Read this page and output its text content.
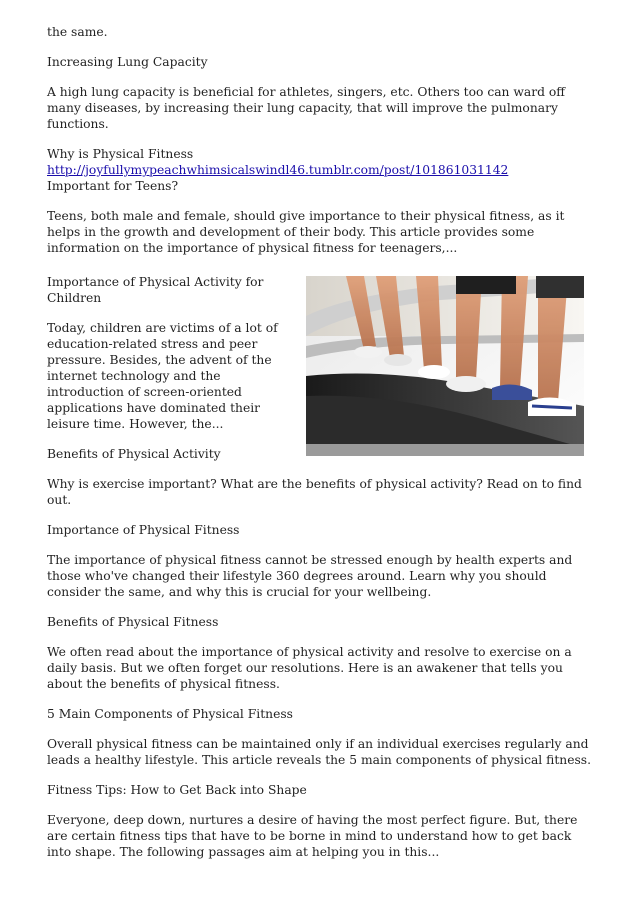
the same.

Increasing Lung Capacity

A high lung capacity is beneficial for athletes, singers, etc. Others too can ward off many diseases, by increasing their lung capacity, that will improve the pulmonary functions.

Why is Physical Fitness http://joyfullymypeachwhimsicalswindl46.tumblr.com/post/101861031142
Important for Teens?

Teens, both male and female, should give importance to their physical fitness, as it helps in the growth and development of their body. This article provides some information on the importance of physical fitness for teenagers,...

Importance of Physical Activity for Children

Today, children are victims of a lot of education-related stress and peer pressure. Besides, the advent of the internet technology and the introduction of screen-oriented applications have dominated their leisure time. However, the...

Benefits of Physical Activity

Why is exercise important? What are the benefits of physical activity? Read on to find out.

Importance of Physical Fitness

The importance of physical fitness cannot be stressed enough by health experts and those who've changed their lifestyle 360 degrees around. Learn why you should consider the same, and why this is crucial for your wellbeing.

Benefits of Physical Fitness

We often read about the importance of physical activity and resolve to exercise on a daily basis. But we often forget our resolutions. Here is an awakener that tells you about the benefits of physical fitness.

5 Main Components of Physical Fitness

Overall physical fitness can be maintained only if an individual exercises regularly and leads a healthy lifestyle. This article reveals the 5 main components of physical fitness.

Fitness Tips: How to Get Back into Shape

Everyone, deep down, nurtures a desire of having the most perfect figure. But, there are certain fitness tips that have to be borne in mind to understand how to get back into shape. The following passages aim at helping you in this...
